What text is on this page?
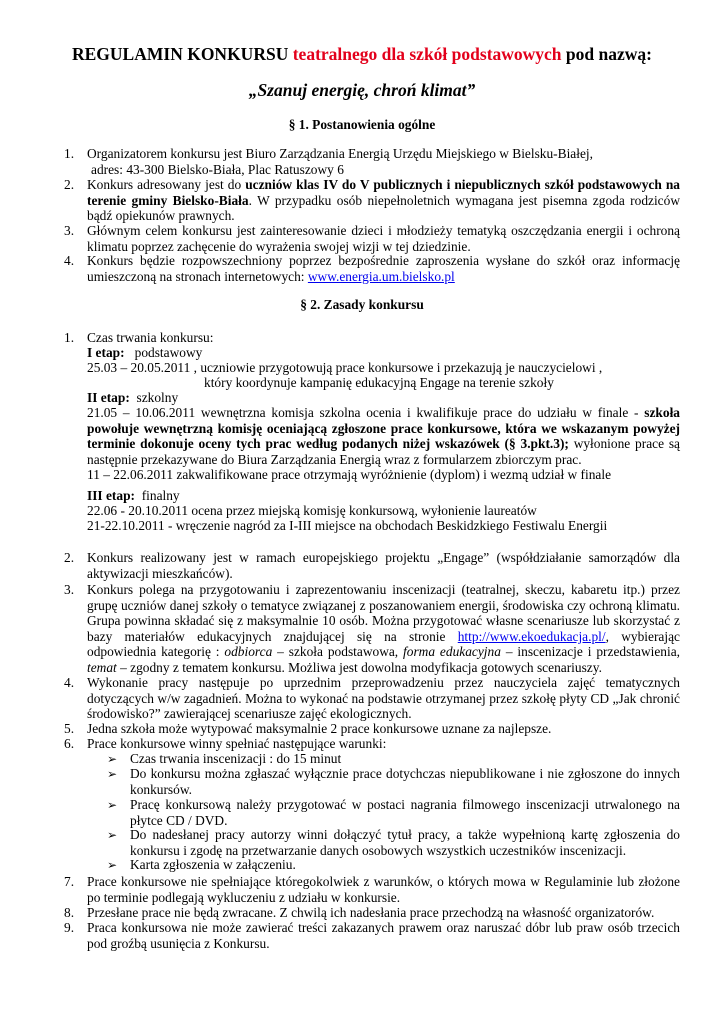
REGULAMIN KONKURSU teatralnego dla szkół podstawowych pod nazwą:
„Szanuj energię, chroń klimat”
§ 1. Postanowienia ogólne
1. Organizatorem konkursu jest Biuro Zarządzania Energią Urzędu Miejskiego w Bielsku-Białej,

adres: 43-300 Bielsko-Biała, Plac Ratuszowy 6

2. Konkurs adresowany jest do uczniów klas IV do V publicznych i niepublicznych szkół podstawowych na terenie gminy Bielsko-Biała. W przypadku osób niepełnoletnich wymagana jest pisemna zgoda rodziców bądź opiekunów prawnych.
3. Głównym celem konkursu jest zainteresowanie dzieci i młodzieży tematyką oszczędzania energii i ochroną klimatu poprzez zachęcenie do wyrażenia swojej wizji w tej dziedzinie.
4. Konkurs będzie rozpowszechniony poprzez bezpośrednie zaproszenia wysłane do szkół oraz informację umieszczoną na stronach internetowych: www.energia.um.bielsko.pl
§ 2. Zasady konkursu
1. Czas trwania konkursu:
I etap: podstawowy
25.03 – 20.05.2011 , uczniowie przygotowują prace konkursowe i przekazują je nauczycielowi ,
który koordynuje kampanię edukacyjną Engage na terenie szkoły
II etap: szkolny
21.05 – 10.06.2011 wewnętrzna komisja szkolna ocenia i kwalifikuje prace do udziału w finale - szkoła powołuje wewnętrzną komisję oceniającą zgłoszone prace konkursowe, która we wskazanym powyżej terminie dokonuje oceny tych prac według podanych niżej wskazówek (§ 3.pkt.3); wyłonione prace są następnie przekazywane do Biura Zarządzania Energią wraz z formularzem zbiorczym prac.
11 – 22.06.2011 zakwalifikowane prace otrzymają wyróżnienie (dyplom) i wezmą udział w finale
III etap: finalny
22.06 - 20.10.2011 ocena przez miejską komisję konkursową, wyłonienie laureatów
21-22.10.2011 - wręczenie nagród za I-III miejsce na obchodach Beskidzkiego Festiwalu Energii
2. Konkurs realizowany jest w ramach europejskiego projektu „Engage” (współdziałanie samorządów dla aktywizacji mieszkańców).
3. Konkurs polega na przygotowaniu i zaprezentowaniu inscenizacji (teatralnej, skeczu, kabaretu itp.) przez grupę uczniów danej szkoły o tematyce związanej z poszanowaniem energii, środowiska czy ochroną klimatu. Grupa powinna składać się z maksymalnie 10 osób. Można przygotować własne scenariusze lub skorzystać z bazy materiałów edukacyjnych znajdującej się na stronie http://www.ekoedukacja.pl/, wybierając odpowiednia kategorię : odbiorca – szkoła podstawowa, forma edukacyjna – inscenizacje i przedstawienia, temat – zgodny z tematem konkursu. Możliwa jest dowolna modyfikacja gotowych scenariuszy.
4. Wykonanie pracy następuje po uprzednim przeprowadzeniu przez nauczyciela zajęć tematycznych dotyczących w/w zagadnień. Można to wykonać na podstawie otrzymanej przez szkołę płyty CD „Jak chronić środowisko?” zawierającej scenariusze zajęć ekologicznych.
5. Jedna szkoła może wytypować maksymalnie 2 prace konkursowe uznane za najlepsze.
6. Prace konkursowe winny spełniać następujące warunki:
➢ Czas trwania inscenizacji : do 15 minut
➢ Do konkursu można zgłaszać wyłącznie prace dotychczas niepublikowane i nie zgłoszone do innych konkursów.
➢ Pracę konkursową należy przygotować w postaci nagrania filmowego inscenizacji utrwalonego na płytce CD / DVD.
➢ Do nadesłanej pracy autorzy winni dołączyć tytuł pracy, a także wypełnioną kartę zgłoszenia do konkursu i zgodę na przetwarzanie danych osobowych wszystkich uczestników inscenizacji.
➢ Karta zgłoszenia w załączeniu.
7. Prace konkursowe nie spełniające któregokolwiek z warunków, o których mowa w Regulaminie lub złożone po terminie podlegają wykluczeniu z udziału w konkursie.
8. Przesłane prace nie będą zwracane. Z chwilą ich nadesłania prace przechodzą na własność organizatorów.
9. Praca konkursowa nie może zawierać treści zakazanych prawem oraz naruszać dóbr lub praw osób trzecich pod groźbą usunięcia z Konkursu.
